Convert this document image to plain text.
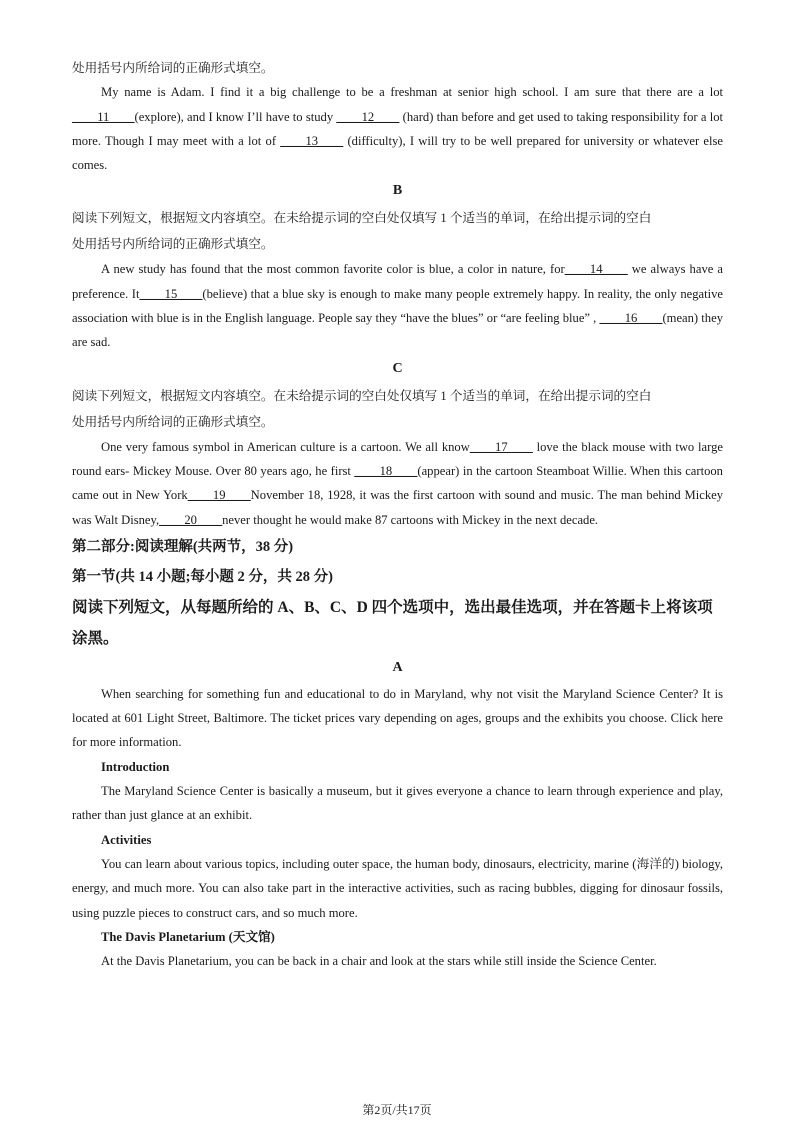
处用括号内所给词的正确形式填空。

My name is Adam. I find it a big challenge to be a freshman at senior high school. I am sure that there are a lot ____11____(explore), and I know I’ll have to study ____12____ (hard) than before and get used to taking responsibility for a lot more. Though I may meet with a lot of ____13____ (difficulty), I will try to be well prepared for university or whatever else comes.

B

阅读下列短文，根据短文内容填空。在未给提示词的空白处仅填写 1 个适当的单词，在给出提示词的空白

处用括号内所给词的正确形式填空。

A new study has found that the most common favorite color is blue, a color in nature, for____14____ we always have a preference. It____15____(believe) that a blue sky is enough to make many people extremely happy. In reality, the only negative association with blue is in the English language. People say they “have the blues” or “are feeling blue” , ____16____(mean) they are sad.

C

阅读下列短文，根据短文内容填空。在未给提示词的空白处仅填写 1 个适当的单词，在给出提示词的空白

处用括号内所给词的正确形式填空。

One very famous symbol in American culture is a cartoon. We all know____17____ love the black mouse with two large round ears- Mickey Mouse. Over 80 years ago, he first ____18____(appear) in the cartoon Steamboat Willie. When this cartoon came out in New York____19____November 18, 1928, it was the first cartoon with sound and music. The man behind Mickey was Walt Disney,____20____never thought he would make 87 cartoons with Mickey in the next decade.

第二部分:阅读理解(共两节，38 分)

第一节(共 14 小题;每小题 2 分，共 28 分)

阅读下列短文，从每题所给的 A、B、C、D 四个选项中，选出最佳选项，并在答题卡上将该项涂黑。

A

When searching for something fun and educational to do in Maryland, why not visit the Maryland Science Center? It is located at 601 Light Street, Baltimore. The ticket prices vary depending on ages, groups and the exhibits you choose. Click here for more information.

Introduction

The Maryland Science Center is basically a museum, but it gives everyone a chance to learn through experience and play, rather than just glance at an exhibit.

Activities

You can learn about various topics, including outer space, the human body, dinosaurs, electricity, marine (海洋的) biology, energy, and much more. You can also take part in the interactive activities, such as racing bubbles, digging for dinosaur fossils, using puzzle pieces to construct cars, and so much more.

The Davis Planetarium (天文馆)

At the Davis Planetarium, you can be back in a chair and look at the stars while still inside the Science Center.

第2页/共17页
